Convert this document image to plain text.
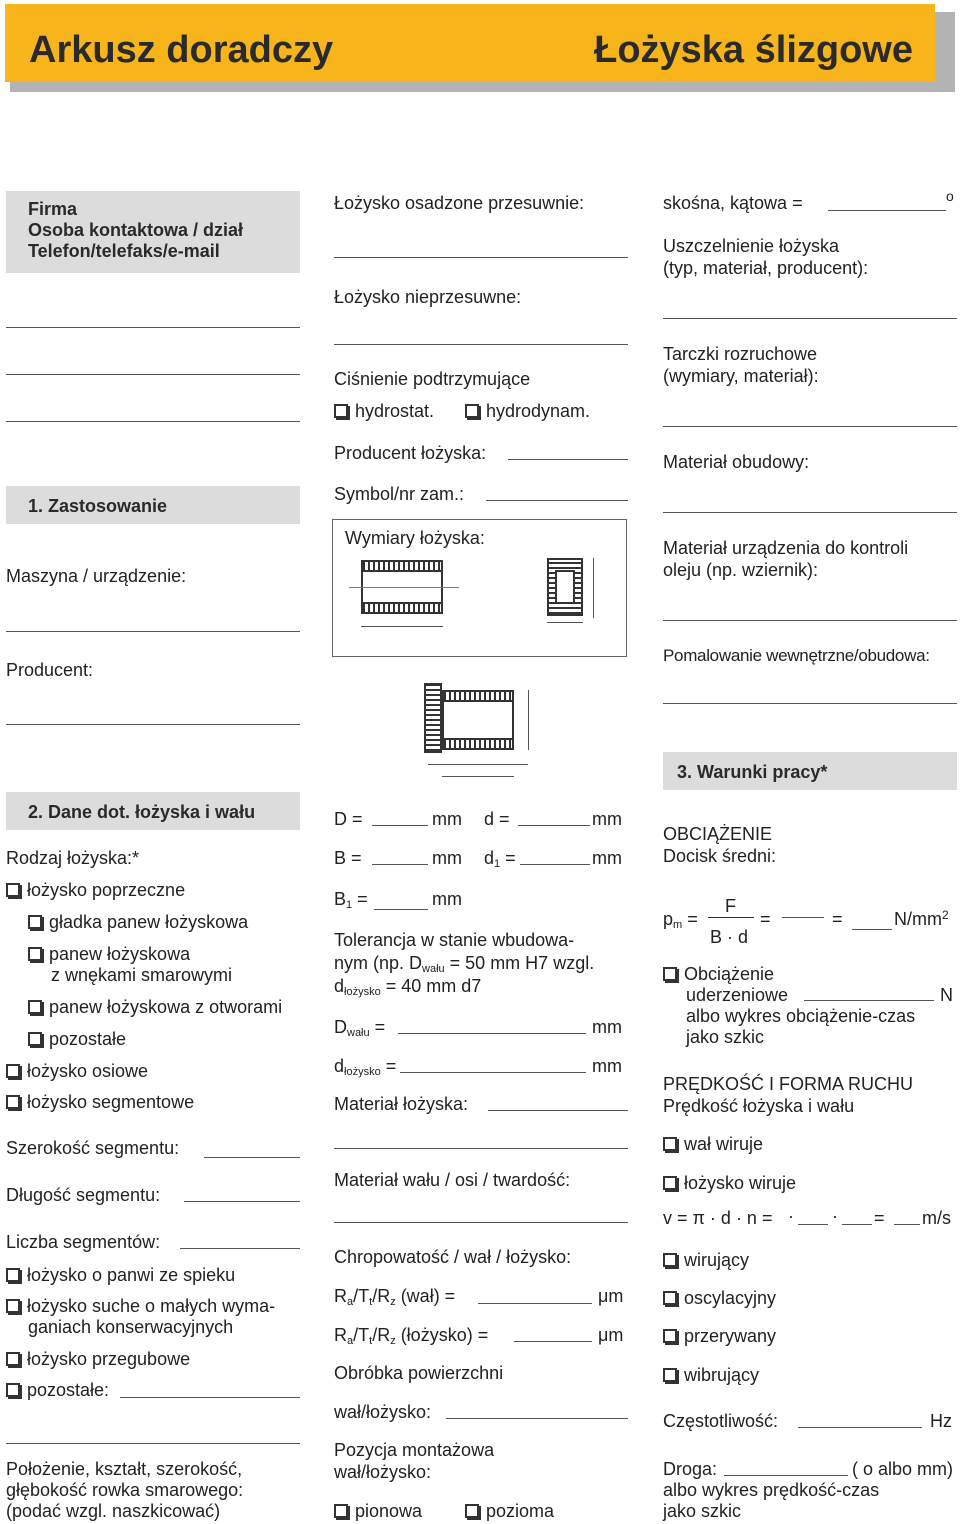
Arkusz doradczy	Łożyska ślizgowe
Firma
Osoba kontaktowa / dział
Telefon/telefaks/e-mail
1. Zastosowanie
Maszyna / urządzenie:
Producent:
2. Dane dot. łożyska i wału
Rodzaj łożyska:*
łożysko poprzeczne
gładka panew łożyskowa
panew łożyskowa
z wnękami smarowymi
panew łożyskowa z otworami
pozostałe
łożysko osiowe
łożysko segmentowe
Szerokość segmentu:
Długość segmentu:
Liczba segmentów:
łożysko o panwi ze spieku
łożysko suche o małych wyma-
ganiach konserwacyjnych
łożysko przegubowe
pozostałe:
Położenie, kształt, szerokość,
głębokość rowka smarowego:
(podać wzgl. naszkicować)
Łożysko osadzone przesuwnie:
Łożysko nieprzesuwne:
Ciśnienie podtrzymujące
hydrostat.	hydrodynam.
Producent łożyska:
Symbol/nr zam.:
Wymiary łożyska:
D =	mm d =	mm
B =	mm $d_1$ =	mm
$B_1$ =	mm
Tolerancja w stanie wbudowa-
nym (np. $D_{wału} = 50$ mm H7 wzgl.
$d_{łożysko} = 40$ mm d7
$D_{wału}$ =	mm
$d_{łożysko}$ =	mm
Materiał łożyska:
Materiał wału / osi / twardość:
Chropowatość / wał / łożysko:
$R_a/T_t/R_z$ (wał) =	μm
$R_a/T_t/R_z$ (łożysko) =	μm
Obróbka powierzchni
wał/łożysko:
Pozycja montażowa
wał/łożysko:
pionowa	pozioma
skośna, kątowa =	o
Uszczelnienie łożyska
(typ, materiał, producent):
Tarczki rozruchowe
(wymiary, materiał):
Materiał obudowy:
Materiał urządzenia do kontroli
oleju (np. wziernik):
Pomalowanie wewnętrzne/obudowa:
3. Warunki pracy*
OBCIĄŻENIE
Docisk średni:
$p_m$ =
F
B · d
=	=	$N/mm^2$
Obciążenie
uderzeniowe	N
albo wykres obciążenie-czas
jako szkic
PRĘDKOŚĆ I FORMA RUCHU
Prędkość łożyska i wału
wał wiruje
łożysko wiruje
v = π · d · n = · · = m/s
wirujący
oscylacyjny
przerywany
wibrujący
Częstotliwość:	Hz
Droga:	( o albo mm)
albo wykres prędkość-czas
jako szkic
